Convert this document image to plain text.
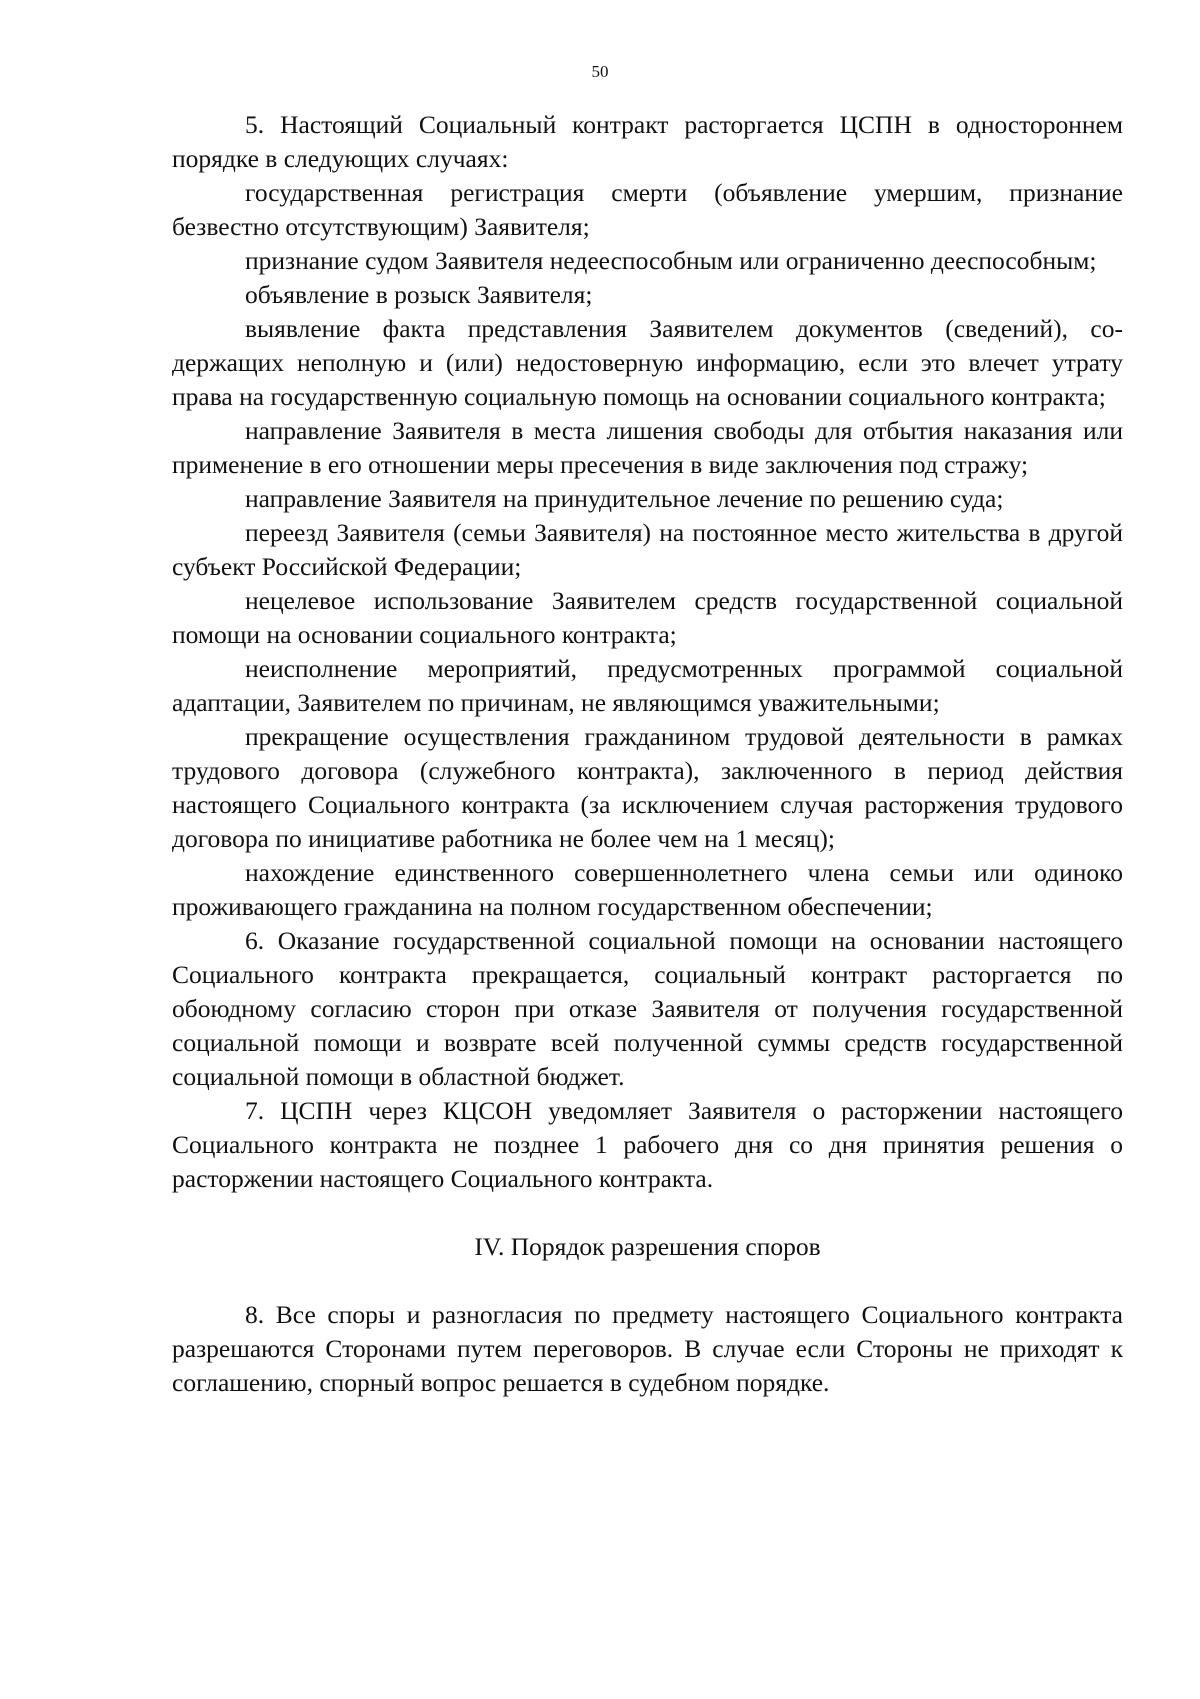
50

5. Настоящий Социальный контракт расторгается ЦСПН в одностороннем порядке в следующих случаях:

государственная регистрация смерти (объявление умершим, признание безвестно отсутствующим) Заявителя;

признание судом Заявителя недееспособным или ограниченно дееспособным;

объявление в розыск Заявителя;

выявление факта представления Заявителем документов (сведений), содержащих неполную и (или) недостоверную информацию, если это влечет утрату права на государственную социальную помощь на основании социального контракта;

направление Заявителя в места лишения свободы для отбытия наказания или применение в его отношении меры пресечения в виде заключения под стражу;

направление Заявителя на принудительное лечение по решению суда;

переезд Заявителя (семьи Заявителя) на постоянное место жительства в другой субъект Российской Федерации;

нецелевое использование Заявителем средств государственной социальной помощи на основании социального контракта;

неисполнение мероприятий, предусмотренных программой социальной адаптации, Заявителем по причинам, не являющимся уважительными;

прекращение осуществления гражданином трудовой деятельности в рамках трудового договора (служебного контракта), заключенного в период действия настоящего Социального контракта (за исключением случая расторжения трудового договора по инициативе работника не более чем на 1 месяц);

нахождение единственного совершеннолетнего члена семьи или одиноко проживающего гражданина на полном государственном обеспечении;

6. Оказание государственной социальной помощи на основании настоящего Социального контракта прекращается, социальный контракт расторгается по обоюдному согласию сторон при отказе Заявителя от получения государственной социальной помощи и возврате всей полученной суммы средств государственной социальной помощи в областной бюджет.

7. ЦСПН через КЦСОН уведомляет Заявителя о расторжении настоящего Социального контракта не позднее 1 рабочего дня со дня принятия решения о расторжении настоящего Социального контракта.

IV. Порядок разрешения споров

8. Все споры и разногласия по предмету настоящего Социального контракта разрешаются Сторонами путем переговоров. В случае если Стороны не приходят к соглашению, спорный вопрос решается в судебном порядке.
